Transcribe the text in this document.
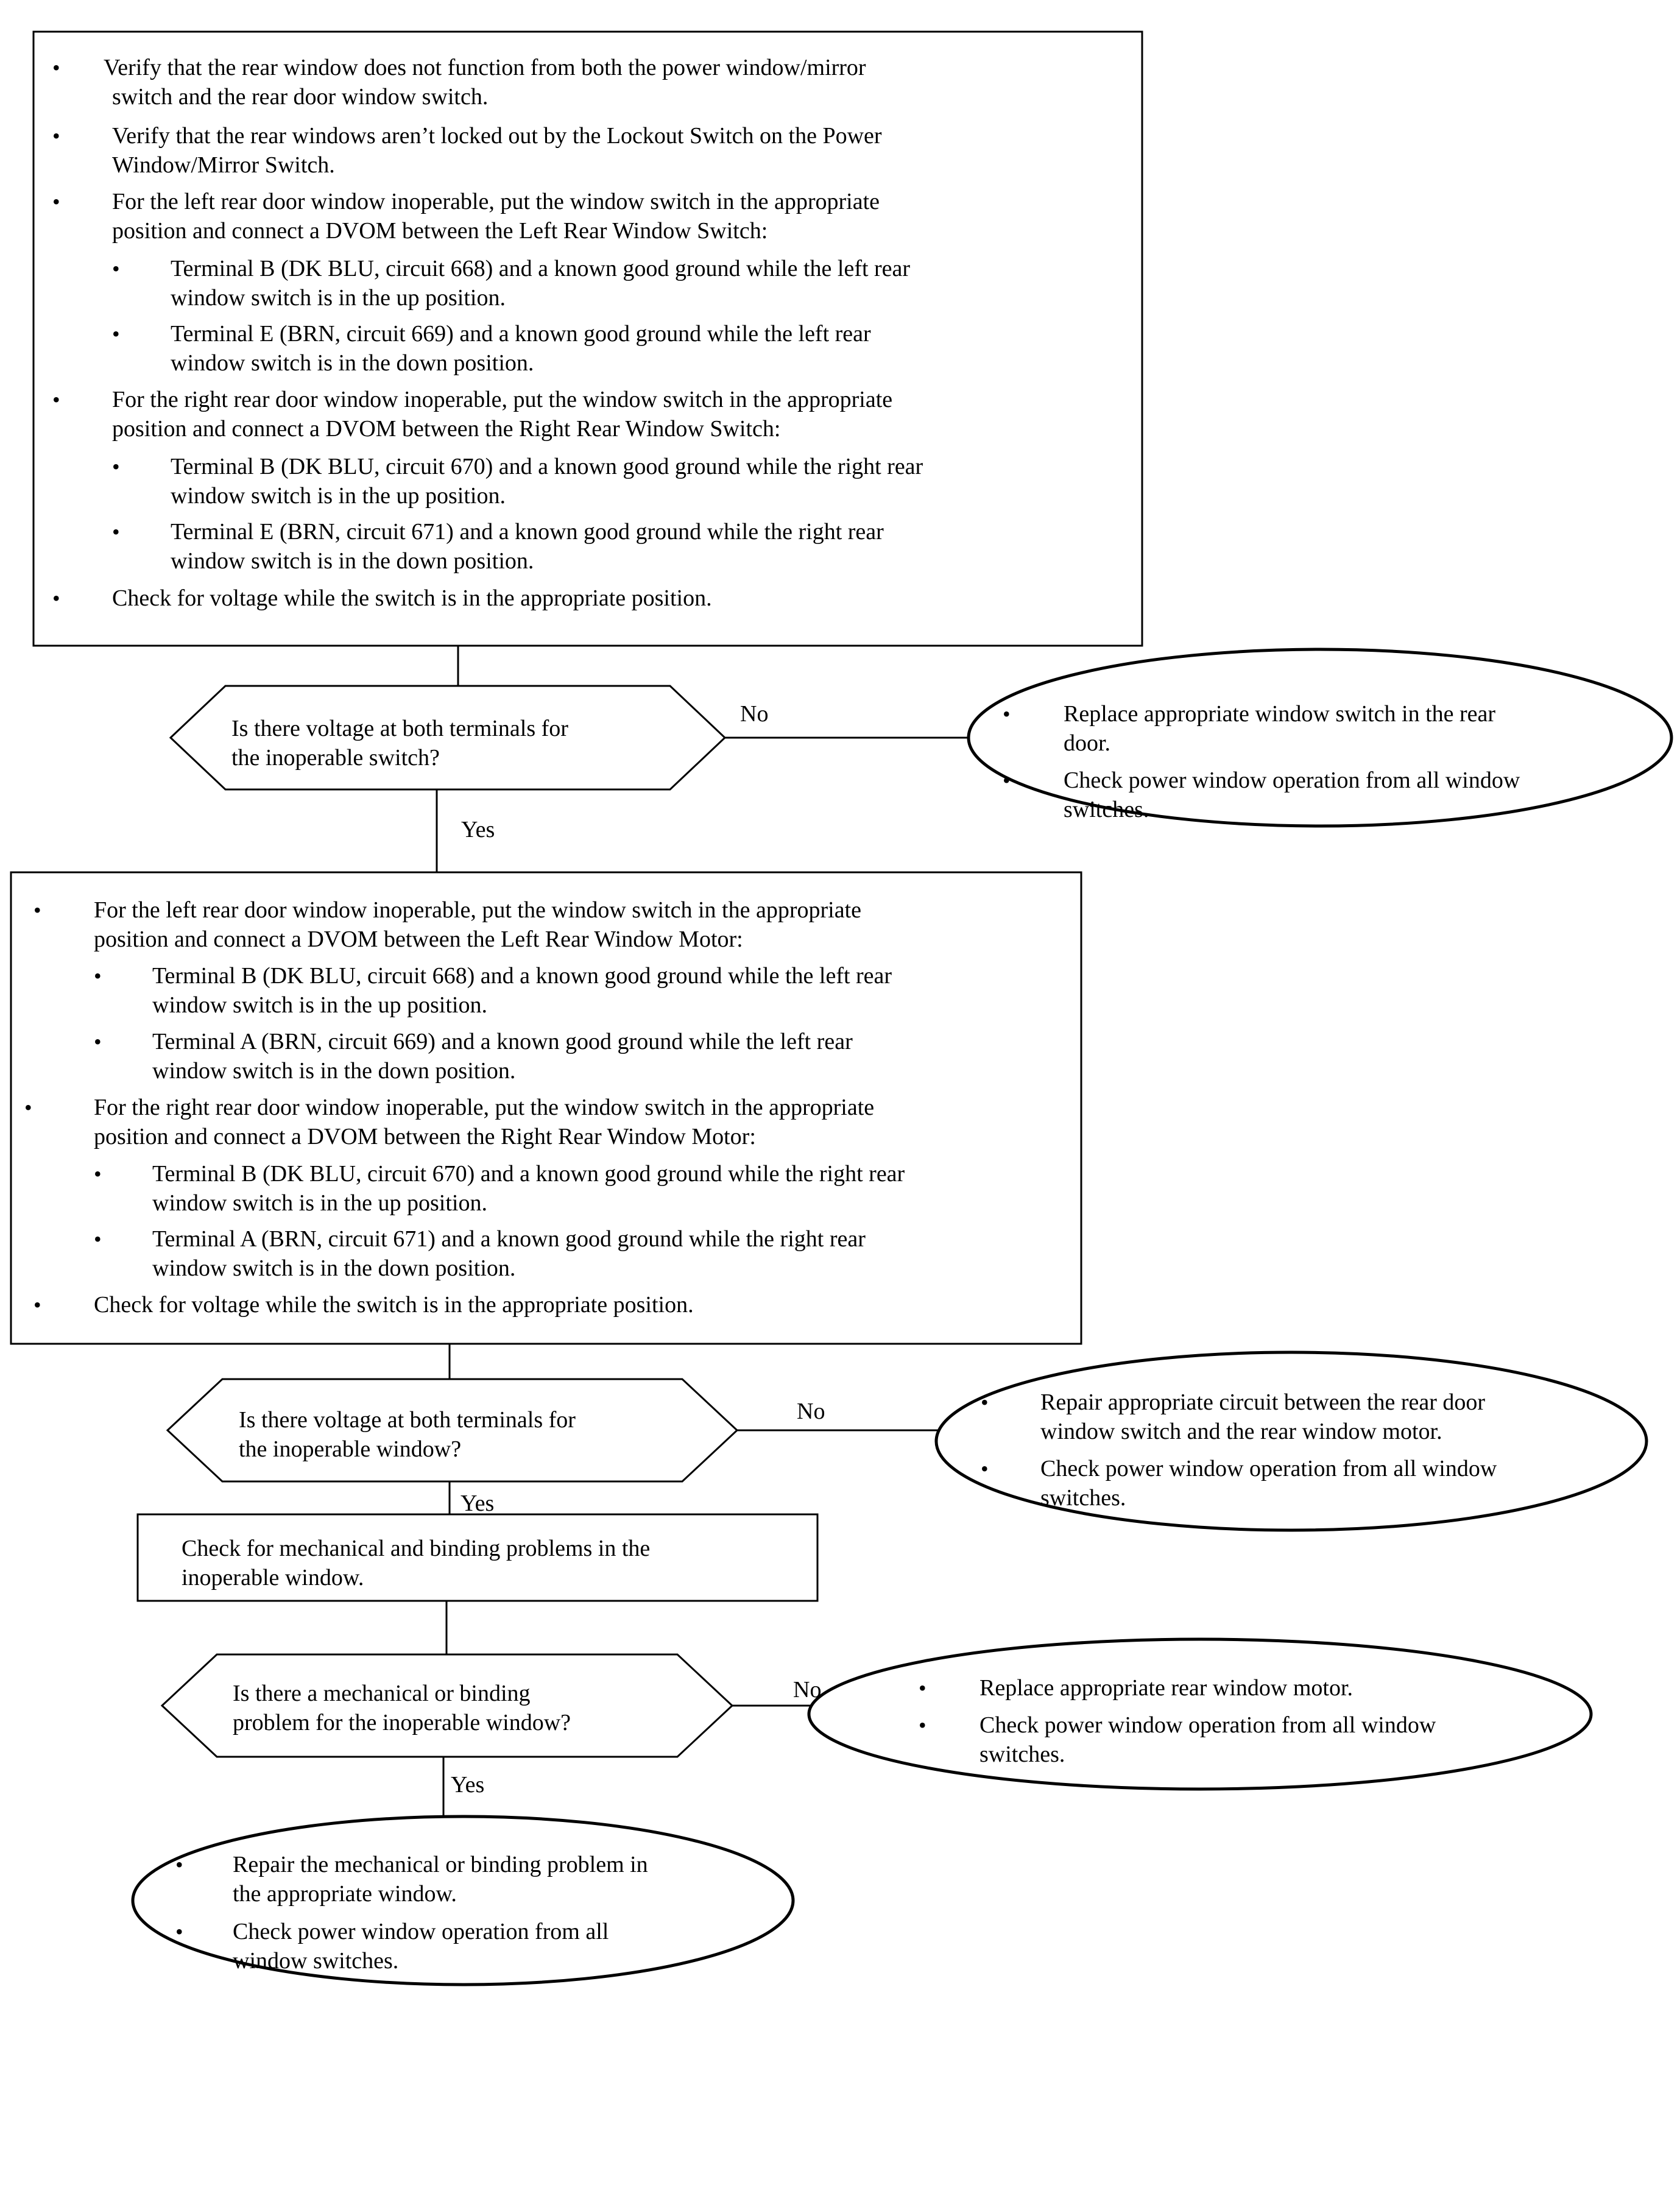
• Verify that the rear window does not function from both the power window/mirror
switch and the rear door window switch.
• Verify that the rear windows aren’t locked out by the Lockout Switch on the Power
Window/Mirror Switch.
• For the left rear door window inoperable, put the window switch in the appropriate
position and connect a DVOM between the Left Rear Window Switch:
• Terminal B (DK BLU, circuit 668) and a known good ground while the left rear
window switch is in the up position.
• Terminal E (BRN, circuit 669) and a known good ground while the left rear
window switch is in the down position.
• For the right rear door window inoperable, put the window switch in the appropriate
position and connect a DVOM between the Right Rear Window Switch:
• Terminal B (DK BLU, circuit 670) and a known good ground while the right rear
window switch is in the up position.
• Terminal E (BRN, circuit 671) and a known good ground while the right rear
window switch is in the down position.
• Check for voltage while the switch is in the appropriate position.
Is there voltage at both terminals for
the inoperable switch?
No
Yes
• Replace appropriate window switch in the rear
door.
• Check power window operation from all window
switches.
• For the left rear door window inoperable, put the window switch in the appropriate
position and connect a DVOM between the Left Rear Window Motor:
• Terminal B (DK BLU, circuit 668) and a known good ground while the left rear
window switch is in the up position.
• Terminal A (BRN, circuit 669) and a known good ground while the left rear
window switch is in the down position.
•	For the right rear door window inoperable, put the window switch in the appropriate
position and connect a DVOM between the Right Rear Window Motor:
• Terminal B (DK BLU, circuit 670) and a known good ground while the right rear
window switch is in the up position.
• Terminal A (BRN, circuit 671) and a known good ground while the right rear
window switch is in the down position.
• Check for voltage while the switch is in the appropriate position.
Is there voltage at both terminals for
the inoperable window?
No
Yes
• Repair appropriate circuit between the rear door
window switch and the rear window motor.
• Check power window operation from all window
switches.
Check for mechanical and binding problems in the
inoperable window.
Is there a mechanical or binding
problem for the inoperable window?
No
Yes
• Replace appropriate rear window motor.
• Check power window operation from all window
switches.
• Repair the mechanical or binding problem in
the appropriate window.
• Check power window operation from all
window switches.
